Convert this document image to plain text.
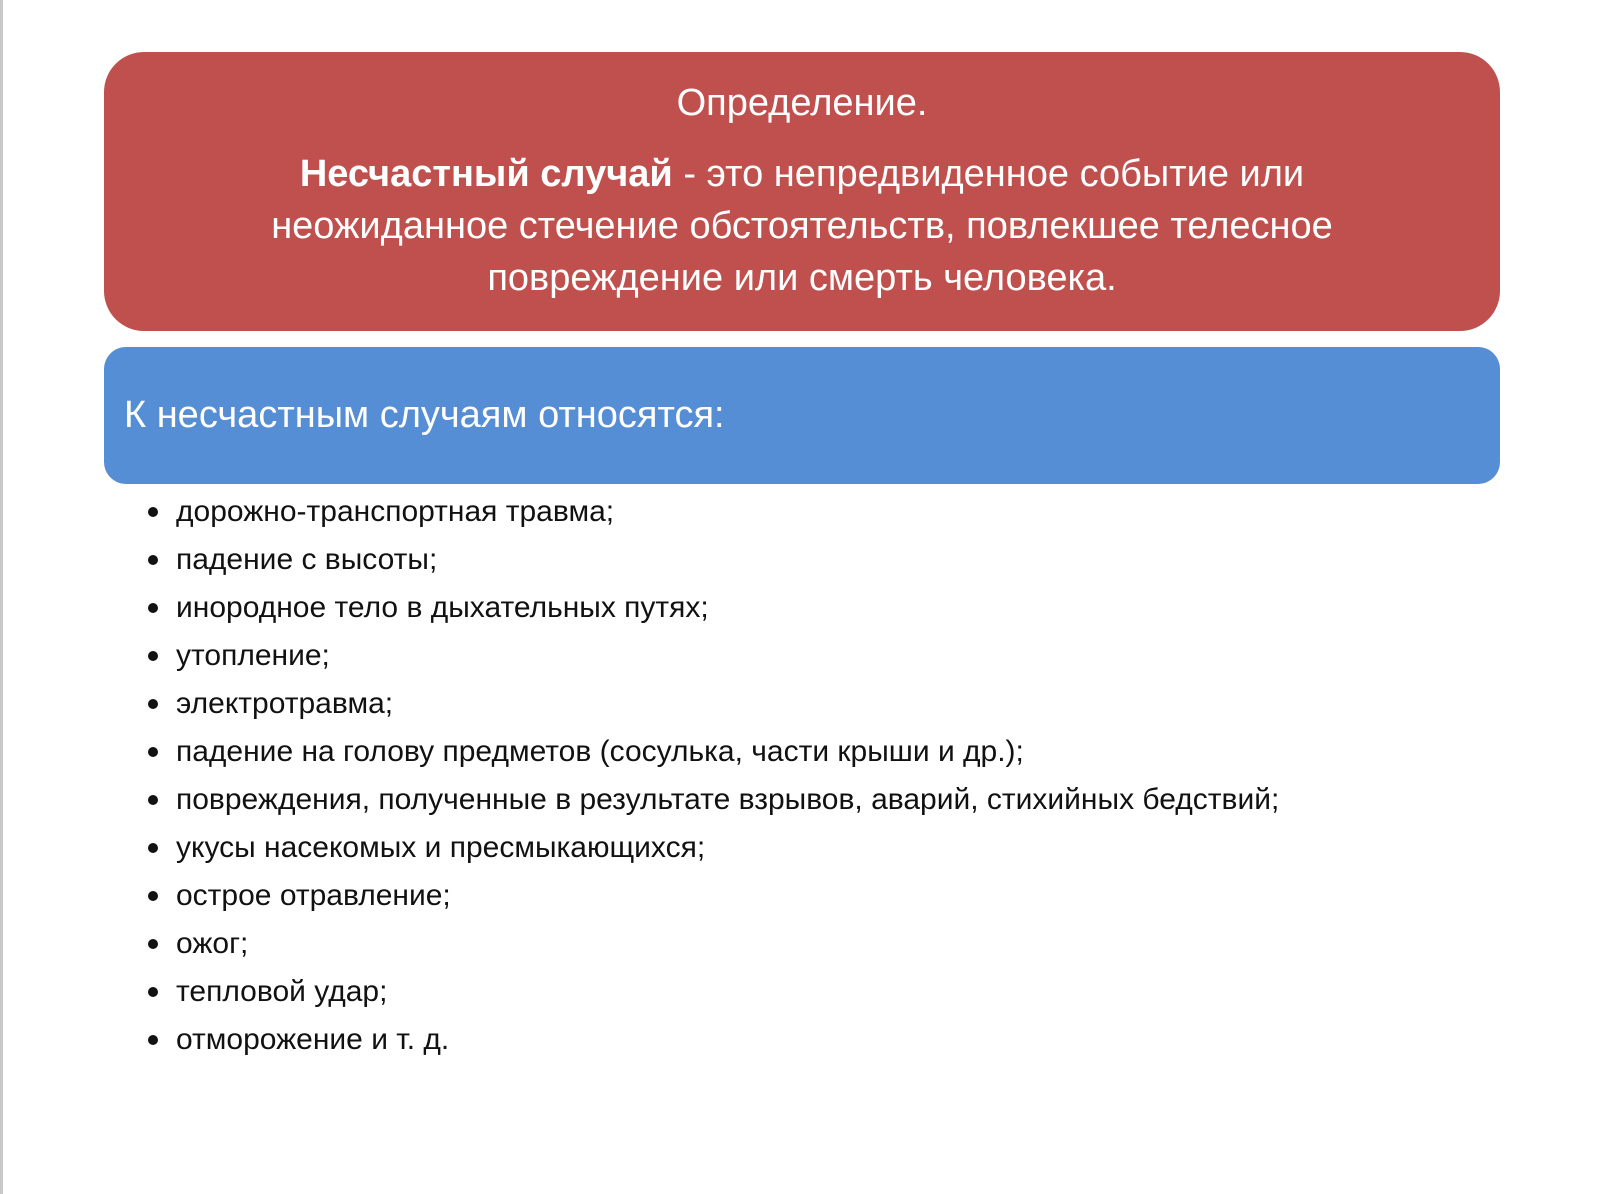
Определение.

Несчастный случай - это непредвиденное событие или неожиданное стечение обстоятельств, повлекшее телесное повреждение или смерть человека.

К несчастным случаям относятся:

дорожно-транспортная травма;
падение с высоты;
инородное тело в дыхательных путях;
утопление;
электротравма;
падение на голову предметов (сосулька, части крыши и др.);
повреждения, полученные в результате взрывов, аварий, стихийных бедствий;
укусы насекомых и пресмыкающихся;
острое отравление;
ожог;
тепловой удар;
отморожение и т. д.
